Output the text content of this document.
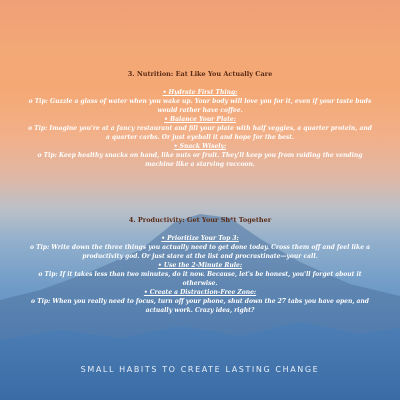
3. Nutrition: Eat Like You Actually Care
• Hydrate First Thing:
o Tip: Guzzle a glass of water when you wake up. Your body will love you for it, even if your taste buds
would rather have coffee.
• Balance Your Plate:
o Tip: Imagine you're at a fancy restaurant and fill your plate with half veggies, a quarter protein, and
a quarter carbs. Or just eyeball it and hope for the best.
• Snack Wisely:
o Tip: Keep healthy snacks on hand, like nuts or fruit. They'll keep you from raiding the vending
machine like a starving raccoon.
4. Productivity: Get Your Sh*t Together
• Prioritize Your Top 3:
o Tip: Write down the three things you actually need to get done today. Cross them off and feel like a
productivity god. Or just stare at the list and procrastinate—your call.
• Use the 2-Minute Rule:
o Tip: If it takes less than two minutes, do it now. Because, let's be honest, you'll forget about it
otherwise.
• Create a Distraction-Free Zone:
o Tip: When you really need to focus, turn off your phone, shut down the 27 tabs you have open, and
actually work. Crazy idea, right?
SMALL HABITS TO CREATE LASTING CHANGE
